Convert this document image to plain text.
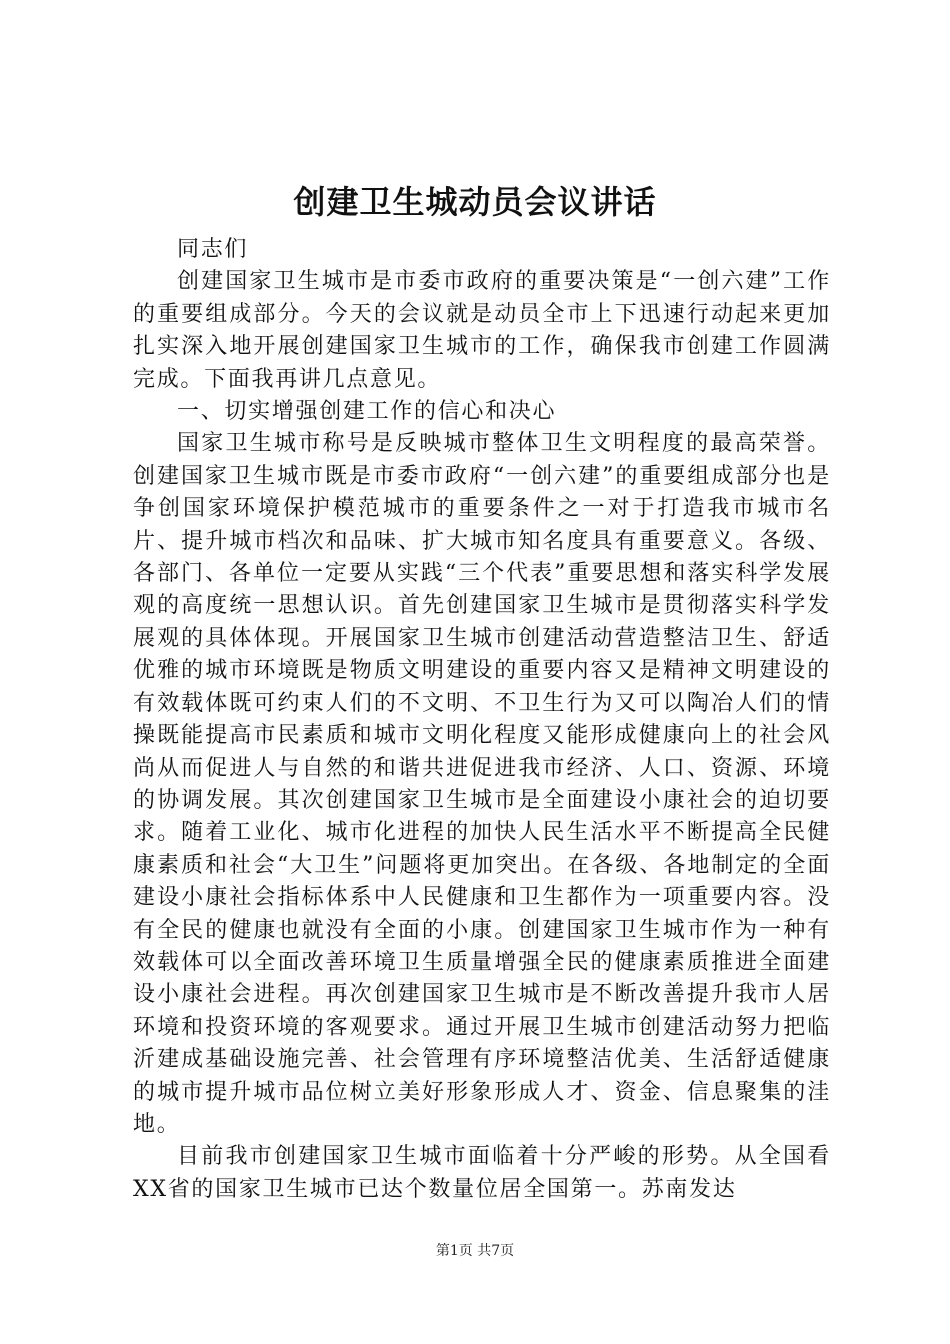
创建卫生城动员会议讲话

同志们

创建国家卫生城市是市委市政府的重要决策是“一创六建”工作的重要组成部分。今天的会议就是动员全市上下迅速行动起来更加扎实深入地开展创建国家卫生城市的工作，确保我市创建工作圆满完成。下面我再讲几点意见。

一、切实增强创建工作的信心和决心

国家卫生城市称号是反映城市整体卫生文明程度的最高荣誉。创建国家卫生城市既是市委市政府“一创六建”的重要组成部分也是争创国家环境保护模范城市的重要条件之一对于打造我市城市名片、提升城市档次和品味、扩大城市知名度具有重要意义。各级、各部门、各单位一定要从实践“三个代表”重要思想和落实科学发展观的高度统一思想认识。首先创建国家卫生城市是贯彻落实科学发展观的具体体现。开展国家卫生城市创建活动营造整洁卫生、舒适优雅的城市环境既是物质文明建设的重要内容又是精神文明建设的有效载体既可约束人们的不文明、不卫生行为又可以陶冶人们的情操既能提高市民素质和城市文明化程度又能形成健康向上的社会风尚从而促进人与自然的和谐共进促进我市经济、人口、资源、环境的协调发展。其次创建国家卫生城市是全面建设小康社会的迫切要求。随着工业化、城市化进程的加快人民生活水平不断提高全民健康素质和社会“大卫生”问题将更加突出。在各级、各地制定的全面建设小康社会指标体系中人民健康和卫生都作为一项重要内容。没有全民的健康也就没有全面的小康。创建国家卫生城市作为一种有效载体可以全面改善环境卫生质量增强全民的健康素质推进全面建设小康社会进程。再次创建国家卫生城市是不断改善提升我市人居环境和投资环境的客观要求。通过开展卫生城市创建活动努力把临沂建成基础设施完善、社会管理有序环境整洁优美、生活舒适健康的城市提升城市品位树立美好形象形成人才、资金、信息聚集的洼地。

目前我市创建国家卫生城市面临着十分严峻的形势。从全国看XX省的国家卫生城市已达个数量位居全国第一。苏南发达

第1页 共7页
